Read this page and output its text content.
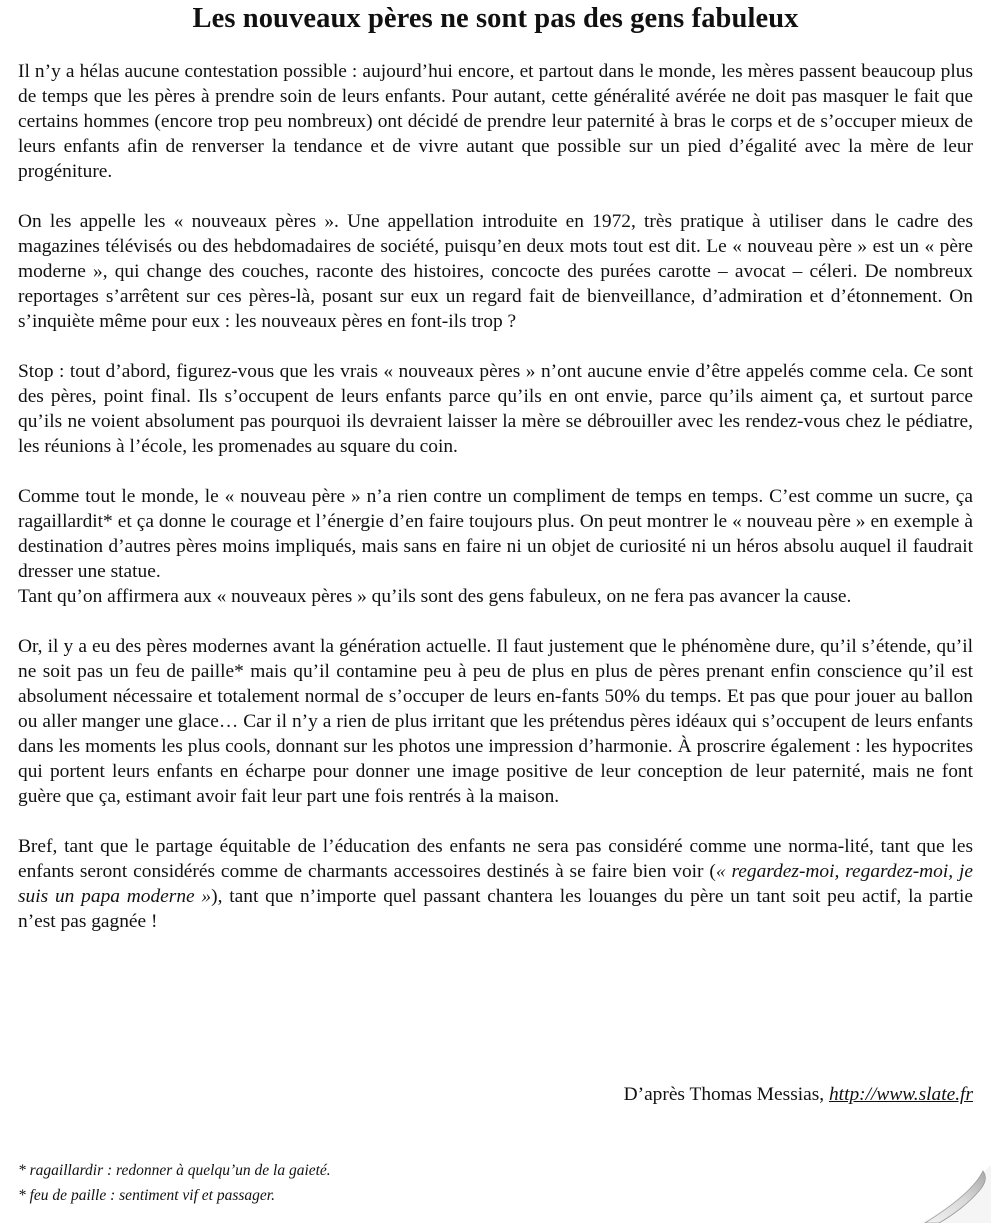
Les nouveaux pères ne sont pas des gens fabuleux

Il n’y a hélas aucune contestation possible : aujourd’hui encore, et partout dans le monde, les mères passent beaucoup plus de temps que les pères à prendre soin de leurs enfants. Pour autant, cette généralité avérée ne doit pas masquer le fait que certains hommes (encore trop peu nombreux) ont décidé de prendre leur paternité à bras le corps et de s’occuper mieux de leurs enfants afin de renverser la tendance et de vivre autant que possible sur un pied d’égalité avec la mère de leur progéniture.

On les appelle les « nouveaux pères ». Une appellation introduite en 1972, très pratique à utiliser dans le cadre des magazines télévisés ou des hebdomadaires de société, puisqu’en deux mots tout est dit. Le « nouveau père » est un « père moderne », qui change des couches, raconte des histoires, concocte des purées carotte – avocat – céleri. De nombreux reportages s’arrêtent sur ces pères-là, posant sur eux un regard fait de bienveillance, d’admiration et d’étonnement. On s’inquiète même pour eux : les nouveaux pères en font-ils trop ?

Stop : tout d’abord, figurez-vous que les vrais « nouveaux pères » n’ont aucune envie d’être appelés comme cela. Ce sont des pères, point final. Ils s’occupent de leurs enfants parce qu’ils en ont envie, parce qu’ils aiment ça, et surtout parce qu’ils ne voient absolument pas pourquoi ils devraient laisser la mère se débrouiller avec les rendez-vous chez le pédiatre, les réunions à l’école, les promenades au square du coin.

Comme tout le monde, le « nouveau père » n’a rien contre un compliment de temps en temps. C’est comme un sucre, ça ragaillardit* et ça donne le courage et l’énergie d’en faire toujours plus. On peut montrer le « nouveau père » en exemple à destination d’autres pères moins impliqués, mais sans en faire ni un objet de curiosité ni un héros absolu auquel il faudrait dresser une statue.

Tant qu’on affirmera aux « nouveaux pères » qu’ils sont des gens fabuleux, on ne fera pas avancer la cause.

Or, il y a eu des pères modernes avant la génération actuelle. Il faut justement que le phénomène dure, qu’il s’étende, qu’il ne soit pas un feu de paille* mais qu’il contamine peu à peu de plus en plus de pères prenant enfin conscience qu’il est absolument nécessaire et totalement normal de s’occuper de leurs en-fants 50% du temps. Et pas que pour jouer au ballon ou aller manger une glace… Car il n’y a rien de plus irritant que les prétendus pères idéaux qui s’occupent de leurs enfants dans les moments les plus cools, donnant sur les photos une impression d’harmonie. À proscrire également : les hypocrites qui portent leurs enfants en écharpe pour donner une image positive de leur conception de leur paternité, mais ne font guère que ça, estimant avoir fait leur part une fois rentrés à la maison.

Bref, tant que le partage équitable de l’éducation des enfants ne sera pas considéré comme une norma-lité, tant que les enfants seront considérés comme de charmants accessoires destinés à se faire bien voir (« regardez-moi, regardez-moi, je suis un papa moderne »), tant que n’importe quel passant chantera les louanges du père un tant soit peu actif, la partie n’est pas gagnée !

D’après Thomas Messias, http://www.slate.fr
* ragaillardir : redonner à quelqu’un de la gaieté.
* feu de paille : sentiment vif et passager.
